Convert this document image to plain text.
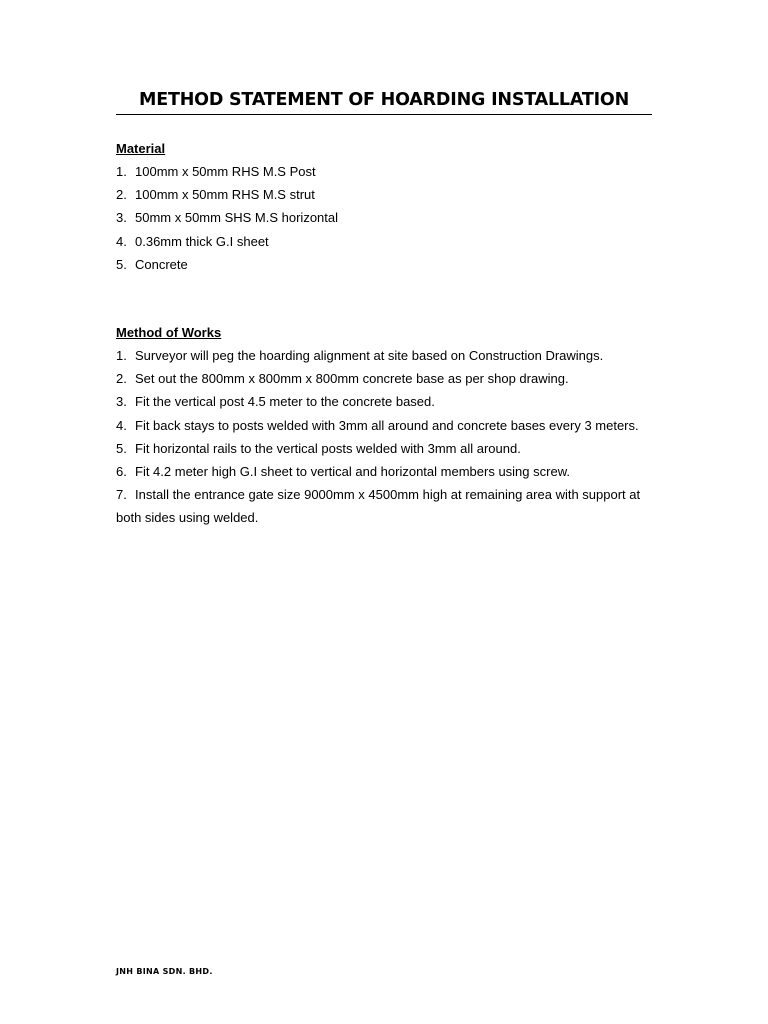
METHOD STATEMENT OF HOARDING INSTALLATION
Material
1. 100mm x 50mm RHS M.S Post
2. 100mm x 50mm RHS M.S strut
3. 50mm x 50mm SHS M.S horizontal
4. 0.36mm thick G.I sheet
5. Concrete
Method of Works
1. Surveyor will peg the hoarding alignment at site based on Construction Drawings.
2. Set out the 800mm x 800mm x 800mm concrete base as per shop drawing.
3. Fit the vertical post 4.5 meter to the concrete based.
4. Fit back stays to posts welded with 3mm all around and concrete bases every 3 meters.
5. Fit horizontal rails to the vertical posts welded with 3mm all around.
6. Fit 4.2 meter high G.I sheet to vertical and horizontal members using screw.
7. Install the entrance gate size 9000mm x 4500mm high at remaining area with support at both sides using welded.
JNH BINA SDN. BHD.
